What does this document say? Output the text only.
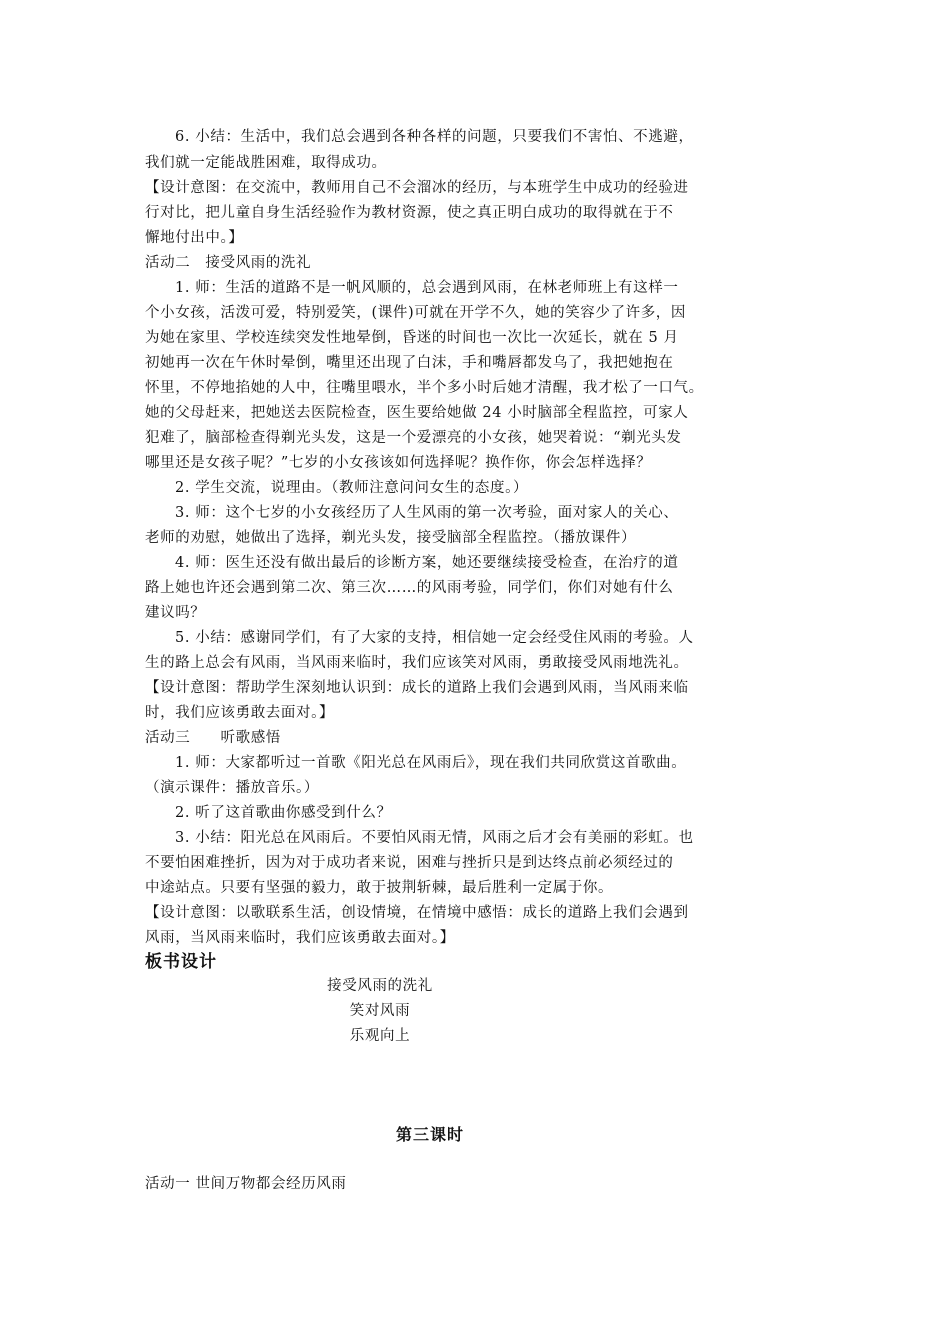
6. 小结：生活中，我们总会遇到各种各样的问题，只要我们不害怕、不逃避，
我们就一定能战胜困难，取得成功。
【设计意图：在交流中，教师用自己不会溜冰的经历，与本班学生中成功的经验进
行对比，把儿童自身生活经验作为教材资源，使之真正明白成功的取得就在于不
懈地付出中。】
活动二　接受风雨的洗礼
1. 师：生活的道路不是一帆风顺的，总会遇到风雨，在林老师班上有这样一
个小女孩，活泼可爱，特别爱笑，(课件)可就在开学不久，她的笑容少了许多，因
为她在家里、学校连续突发性地晕倒，昏迷的时间也一次比一次延长，就在 5 月
初她再一次在午休时晕倒，嘴里还出现了白沫，手和嘴唇都发乌了，我把她抱在
怀里，不停地掐她的人中，往嘴里喂水，半个多小时后她才清醒，我才松了一口气。
她的父母赶来，把她送去医院检查，医生要给她做 24 小时脑部全程监控，可家人
犯难了，脑部检查得剃光头发，这是一个爱漂亮的小女孩，她哭着说：“剃光头发
哪里还是女孩子呢？”七岁的小女孩该如何选择呢？换作你，你会怎样选择？
2. 学生交流，说理由。（教师注意问问女生的态度。）
3. 师：这个七岁的小女孩经历了人生风雨的第一次考验，面对家人的关心、
老师的劝慰，她做出了选择，剃光头发，接受脑部全程监控。（播放课件）
4. 师：医生还没有做出最后的诊断方案，她还要继续接受检查，在治疗的道
路上她也许还会遇到第二次、第三次……的风雨考验，同学们，你们对她有什么
建议吗？
5. 小结：感谢同学们，有了大家的支持，相信她一定会经受住风雨的考验。人
生的路上总会有风雨，当风雨来临时，我们应该笑对风雨，勇敢接受风雨地洗礼。
【设计意图：帮助学生深刻地认识到：成长的道路上我们会遇到风雨，当风雨来临
时，我们应该勇敢去面对。】
活动三　　听歌感悟
1. 师：大家都听过一首歌《阳光总在风雨后》，现在我们共同欣赏这首歌曲。
（演示课件：播放音乐。）
2. 听了这首歌曲你感受到什么？
3. 小结：阳光总在风雨后。不要怕风雨无情，风雨之后才会有美丽的彩虹。也
不要怕困难挫折，因为对于成功者来说，困难与挫折只是到达终点前必须经过的
中途站点。只要有坚强的毅力，敢于披荆斩棘，最后胜利一定属于你。
【设计意图：以歌联系生活，创设情境，在情境中感悟：成长的道路上我们会遇到
风雨，当风雨来临时，我们应该勇敢去面对。】
板书设计
接受风雨的洗礼
笑对风雨
乐观向上
第三课时
活动一 世间万物都会经历风雨
